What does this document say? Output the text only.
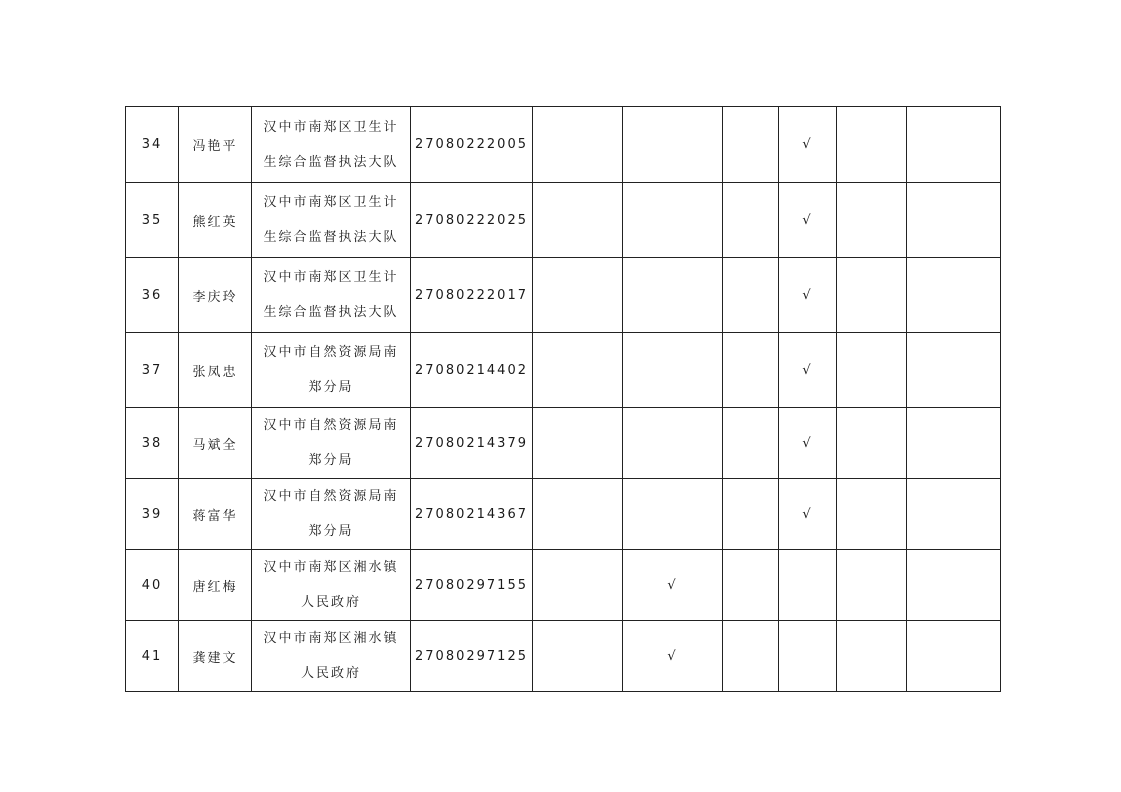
34	冯艳平	汉中市南郑区卫生计
生综合监督执法大队	27080222005				√		
35	熊红英	汉中市南郑区卫生计
生综合监督执法大队	27080222025				√		
36	李庆玲	汉中市南郑区卫生计
生综合监督执法大队	27080222017				√		
37	张凤忠	汉中市自然资源局南
郑分局	27080214402				√		
38	马斌全	汉中市自然资源局南
郑分局	27080214379				√		
39	蒋富华	汉中市自然资源局南
郑分局	27080214367				√		
40	唐红梅	汉中市南郑区湘水镇
人民政府	27080297155		√				
41	龚建文	汉中市南郑区湘水镇
人民政府	27080297125		√				
